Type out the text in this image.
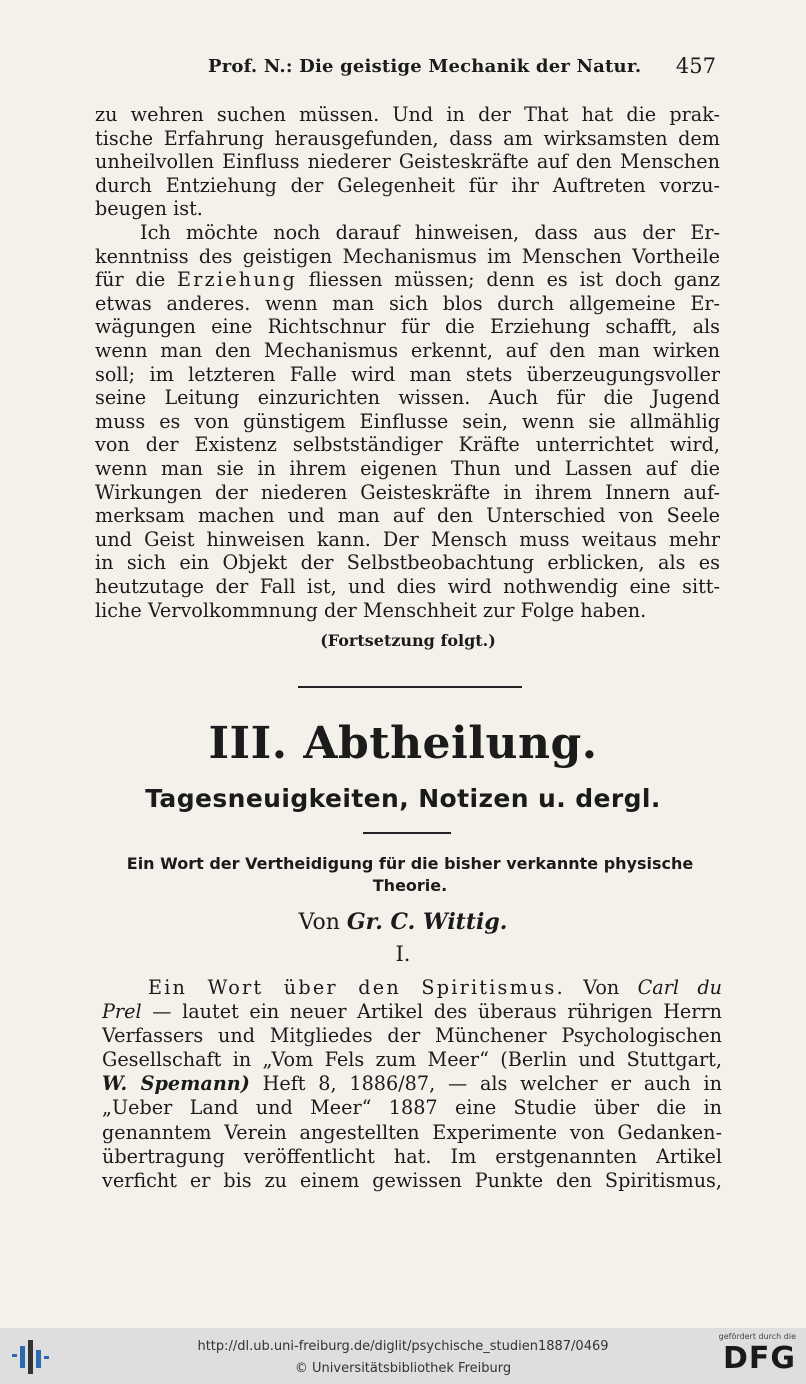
Prof. N.: Die geistige Mechanik der Natur. 457
zu wehren suchen müssen. Und in der That hat die prak-
tische Erfahrung herausgefunden, dass am wirksamsten dem
unheilvollen Einfluss niederer Geisteskräfte auf den Menschen
durch Entziehung der Gelegenheit für ihr Auftreten vorzu-
beugen ist.
Ich möchte noch darauf hinweisen, dass aus der Er-
kenntniss des geistigen Mechanismus im Menschen Vortheile
für die Erziehung fliessen müssen; denn es ist doch ganz
etwas anderes. wenn man sich blos durch allgemeine Er-
wägungen eine Richtschnur für die Erziehung schafft, als
wenn man den Mechanismus erkennt, auf den man wirken
soll; im letzteren Falle wird man stets überzeugungsvoller
seine Leitung einzurichten wissen. Auch für die Jugend
muss es von günstigem Einflusse sein, wenn sie allmählig
von der Existenz selbstständiger Kräfte unterrichtet wird,
wenn man sie in ihrem eigenen Thun und Lassen auf die
Wirkungen der niederen Geisteskräfte in ihrem Innern auf-
merksam machen und man auf den Unterschied von Seele
und Geist hinweisen kann. Der Mensch muss weitaus mehr
in sich ein Objekt der Selbstbeobachtung erblicken, als es
heutzutage der Fall ist, und dies wird nothwendig eine sitt-
liche Vervolkommnung der Menschheit zur Folge haben.
(Fortsetzung folgt.)
III. Abtheilung.
Tagesneuigkeiten, Notizen u. dergl.
Ein Wort der Vertheidigung für die bisher verkannte physische Theorie.
Von Gr. C. Wittig.
I.
Ein Wort über den Spiritismus. Von Carl du
Prel — lautet ein neuer Artikel des überaus rührigen Herrn
Verfassers und Mitgliedes der Münchener Psychologischen
Gesellschaft in „Vom Fels zum Meer“ (Berlin und Stuttgart,
W. Spemann) Heft 8, 1886/87, — als welcher er auch in
„Ueber Land und Meer“ 1887 eine Studie über die in
genanntem Verein angestellten Experimente von Gedanken-
übertragung veröffentlicht hat. Im erstgenannten Artikel
verficht er bis zu einem gewissen Punkte den Spiritismus,
http://dl.ub.uni-freiburg.de/diglit/psychische_studien1887/0469
© Universitätsbibliothek Freiburg
gefördert durch die
DFG
